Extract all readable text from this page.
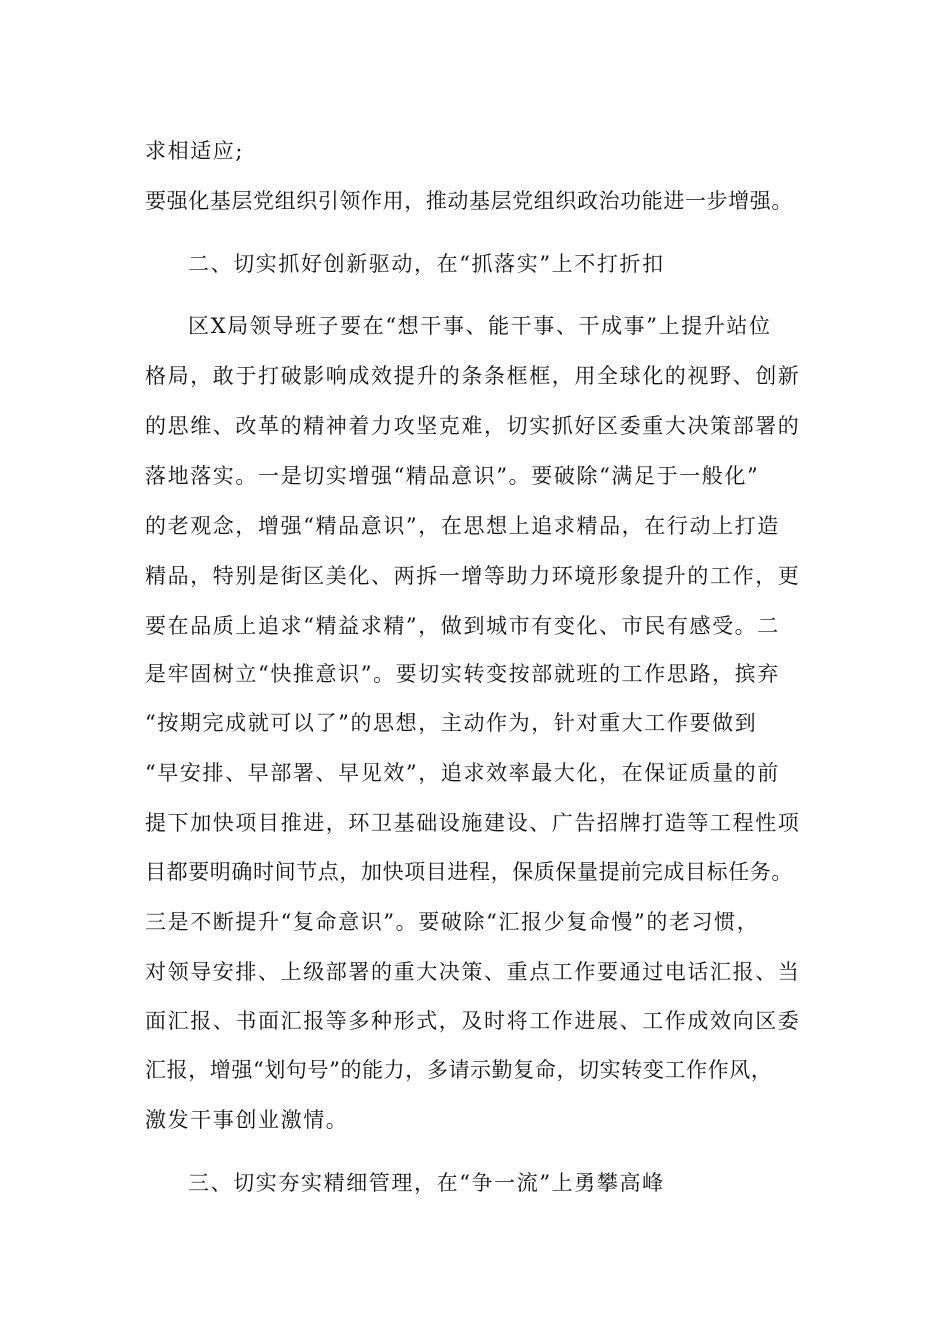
求相适应;
要强化基层党组织引领作用，推动基层党组织政治功能进一步增强。
二、切实抓好创新驱动，在“抓落实”上不打折扣
区X局领导班子要在“想干事、能干事、干成事”上提升站位
格局，敢于打破影响成效提升的条条框框，用全球化的视野、创新
的思维、改革的精神着力攻坚克难，切实抓好区委重大决策部署的
落地落实。一是切实增强“精品意识”。要破除“满足于一般化”
的老观念，增强“精品意识”，在思想上追求精品，在行动上打造
精品，特别是街区美化、两拆一增等助力环境形象提升的工作，更
要在品质上追求“精益求精”，做到城市有变化、市民有感受。二
是牢固树立“快推意识”。要切实转变按部就班的工作思路，摈弃
“按期完成就可以了”的思想，主动作为，针对重大工作要做到
“早安排、早部署、早见效”，追求效率最大化，在保证质量的前
提下加快项目推进，环卫基础设施建设、广告招牌打造等工程性项
目都要明确时间节点，加快项目进程，保质保量提前完成目标任务。
三是不断提升“复命意识”。要破除“汇报少复命慢”的老习惯，
对领导安排、上级部署的重大决策、重点工作要通过电话汇报、当
面汇报、书面汇报等多种形式，及时将工作进展、工作成效向区委
汇报，增强“划句号”的能力，多请示勤复命，切实转变工作作风，
激发干事创业激情。
三、切实夯实精细管理，在“争一流”上勇攀高峰
